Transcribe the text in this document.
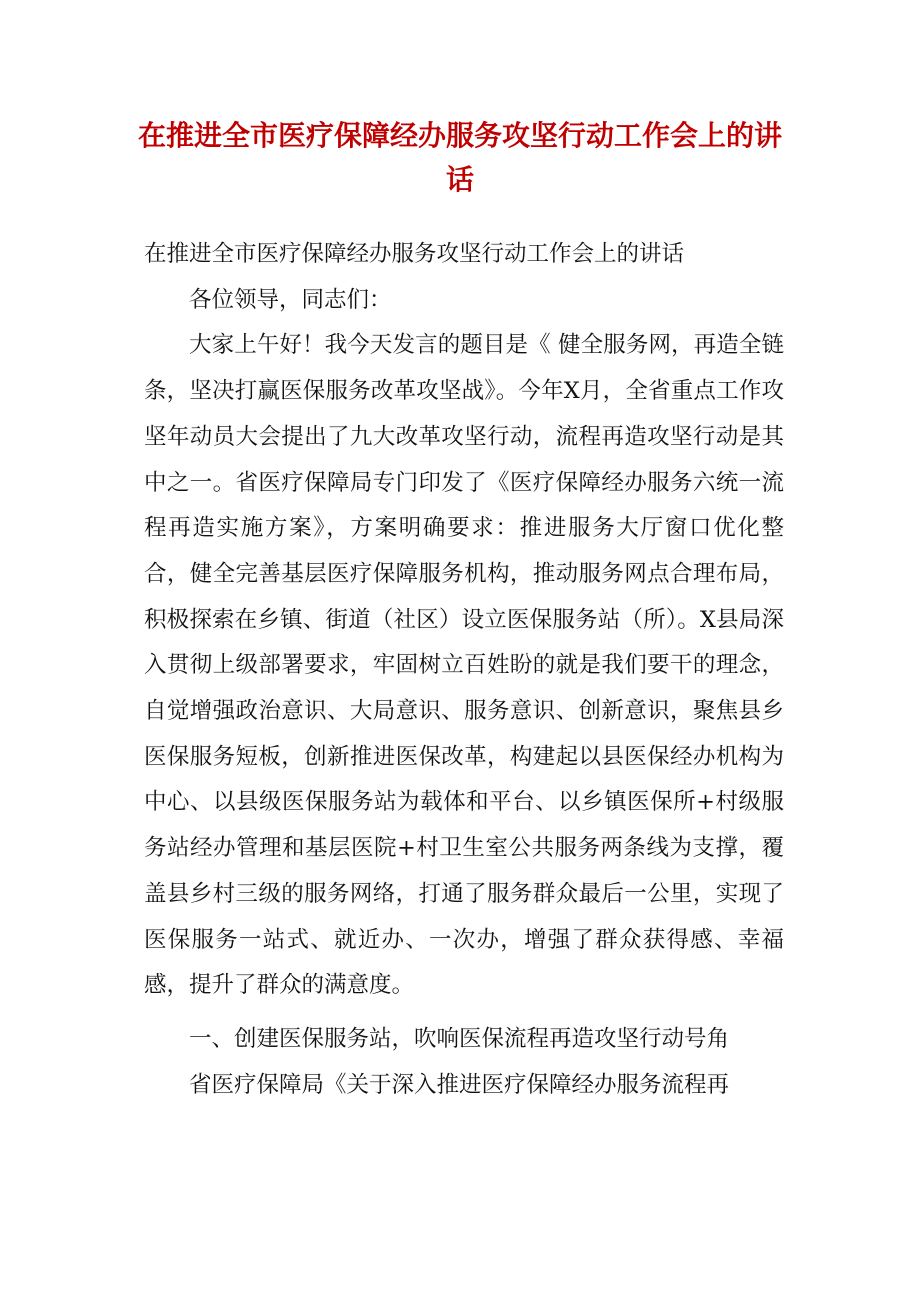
在推进全市医疗保障经办服务攻坚行动工作会上的讲话

在推进全市医疗保障经办服务攻坚行动工作会上的讲话

各位领导，同志们：

大家上午好！我今天发言的题目是《 健全服务网，再造全链条，坚决打赢医保服务改革攻坚战》。今年X月，全省重点工作攻坚年动员大会提出了九大改革攻坚行动，流程再造攻坚行动是其中之一。省医疗保障局专门印发了《医疗保障经办服务六统一流程再造实施方案》，方案明确要求：推进服务大厅窗口优化整合，健全完善基层医疗保障服务机构，推动服务网点合理布局，积极探索在乡镇、街道（社区）设立医保服务站（所）。X县局深入贯彻上级部署要求，牢固树立百姓盼的就是我们要干的理念，自觉增强政治意识、大局意识、服务意识、创新意识，聚焦县乡医保服务短板，创新推进医保改革，构建起以县医保经办机构为中心、以县级医保服务站为载体和平台、以乡镇医保所+村级服务站经办管理和基层医院+村卫生室公共服务两条线为支撑，覆盖县乡村三级的服务网络，打通了服务群众最后一公里，实现了医保服务一站式、就近办、一次办，增强了群众获得感、幸福感，提升了群众的满意度。

一、创建医保服务站，吹响医保流程再造攻坚行动号角

省医疗保障局《关于深入推进医疗保障经办服务流程再
